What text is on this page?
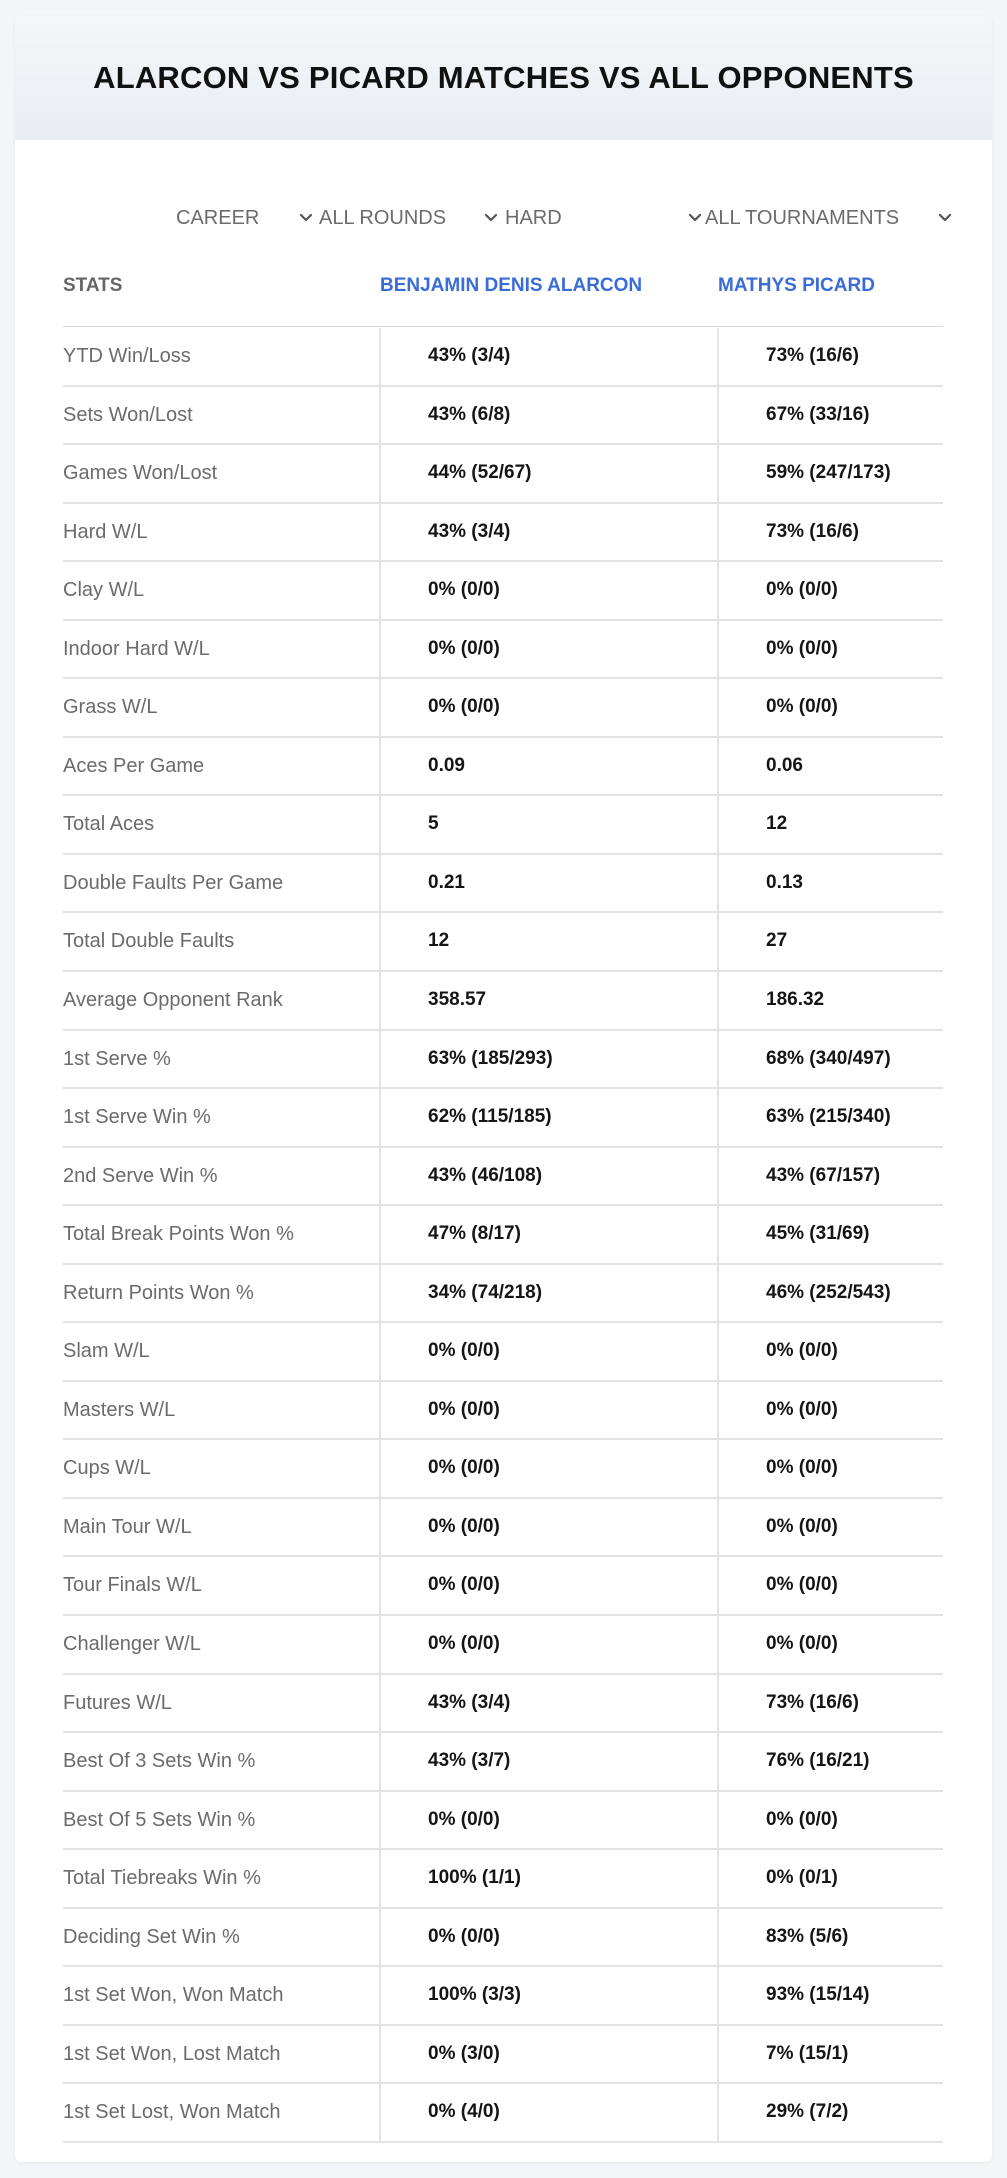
ALARCON VS PICARD MATCHES VS ALL OPPONENTS
CAREER	ALL ROUNDS	HARD	ALL TOURNAMENTS
STATS	BENJAMIN DENIS ALARCON	MATHYS PICARD
YTD Win/Loss	43% (3/4)	73% (16/6)
Sets Won/Lost	43% (6/8)	67% (33/16)
Games Won/Lost	44% (52/67)	59% (247/173)
Hard W/L	43% (3/4)	73% (16/6)
Clay W/L	0% (0/0)	0% (0/0)
Indoor Hard W/L	0% (0/0)	0% (0/0)
Grass W/L	0% (0/0)	0% (0/0)
Aces Per Game	0.09	0.06
Total Aces	5	12
Double Faults Per Game	0.21	0.13
Total Double Faults	12	27
Average Opponent Rank	358.57	186.32
1st Serve %	63% (185/293)	68% (340/497)
1st Serve Win %	62% (115/185)	63% (215/340)
2nd Serve Win %	43% (46/108)	43% (67/157)
Total Break Points Won %	47% (8/17)	45% (31/69)
Return Points Won %	34% (74/218)	46% (252/543)
Slam W/L	0% (0/0)	0% (0/0)
Masters W/L	0% (0/0)	0% (0/0)
Cups W/L	0% (0/0)	0% (0/0)
Main Tour W/L	0% (0/0)	0% (0/0)
Tour Finals W/L	0% (0/0)	0% (0/0)
Challenger W/L	0% (0/0)	0% (0/0)
Futures W/L	43% (3/4)	73% (16/6)
Best Of 3 Sets Win %	43% (3/7)	76% (16/21)
Best Of 5 Sets Win %	0% (0/0)	0% (0/0)
Total Tiebreaks Win %	100% (1/1)	0% (0/1)
Deciding Set Win %	0% (0/0)	83% (5/6)
1st Set Won, Won Match	100% (3/3)	93% (15/14)
1st Set Won, Lost Match	0% (3/0)	7% (15/1)
1st Set Lost, Won Match	0% (4/0)	29% (7/2)
